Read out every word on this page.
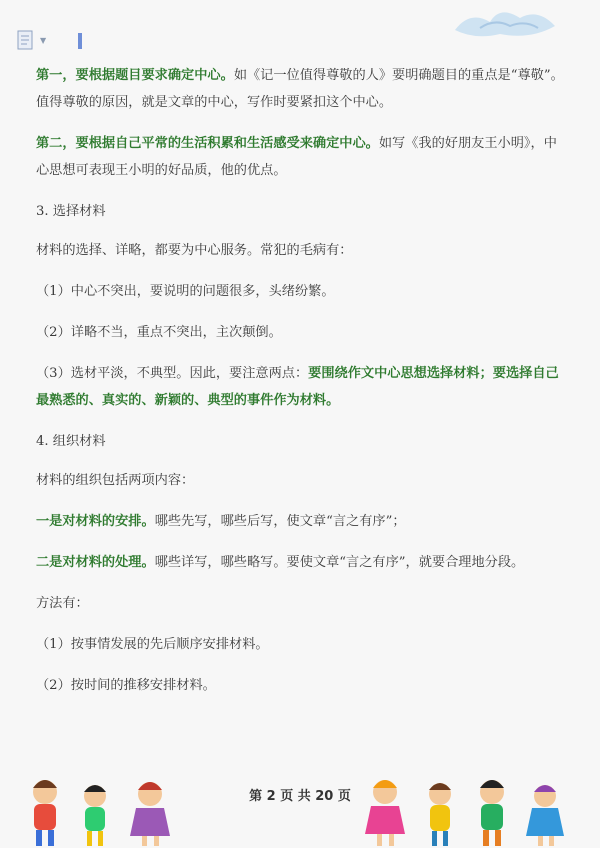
▼

第一，要根据题目要求确定中心。如《记一位值得尊敬的人》要明确题目的重点是“尊敬”。值得尊敬的原因，就是文章的中心，写作时要紧扣这个中心。

第二，要根据自己平常的生活积累和生活感受来确定中心。如写《我的好朋友王小明》，中心思想可表现王小明的好品质，他的优点。

3. 选择材料

材料的选择、详略，都要为中心服务。常犯的毛病有：

（1）中心不突出，要说明的问题很多，头绪纷繁。

（2）详略不当，重点不突出，主次颠倒。

（3）选材平淡，不典型。因此，要注意两点：要围绕作文中心思想选择材料；要选择自己最熟悉的、真实的、新颖的、典型的事件作为材料。

4. 组织材料

材料的组织包括两项内容：

一是对材料的安排。哪些先写，哪些后写，使文章“言之有序”；

二是对材料的处理。哪些详写，哪些略写。要使文章“言之有序”，就要合理地分段。

方法有：

（1）按事情发展的先后顺序安排材料。

（2）按时间的推移安排材料。

第 2 页 共 20 页
